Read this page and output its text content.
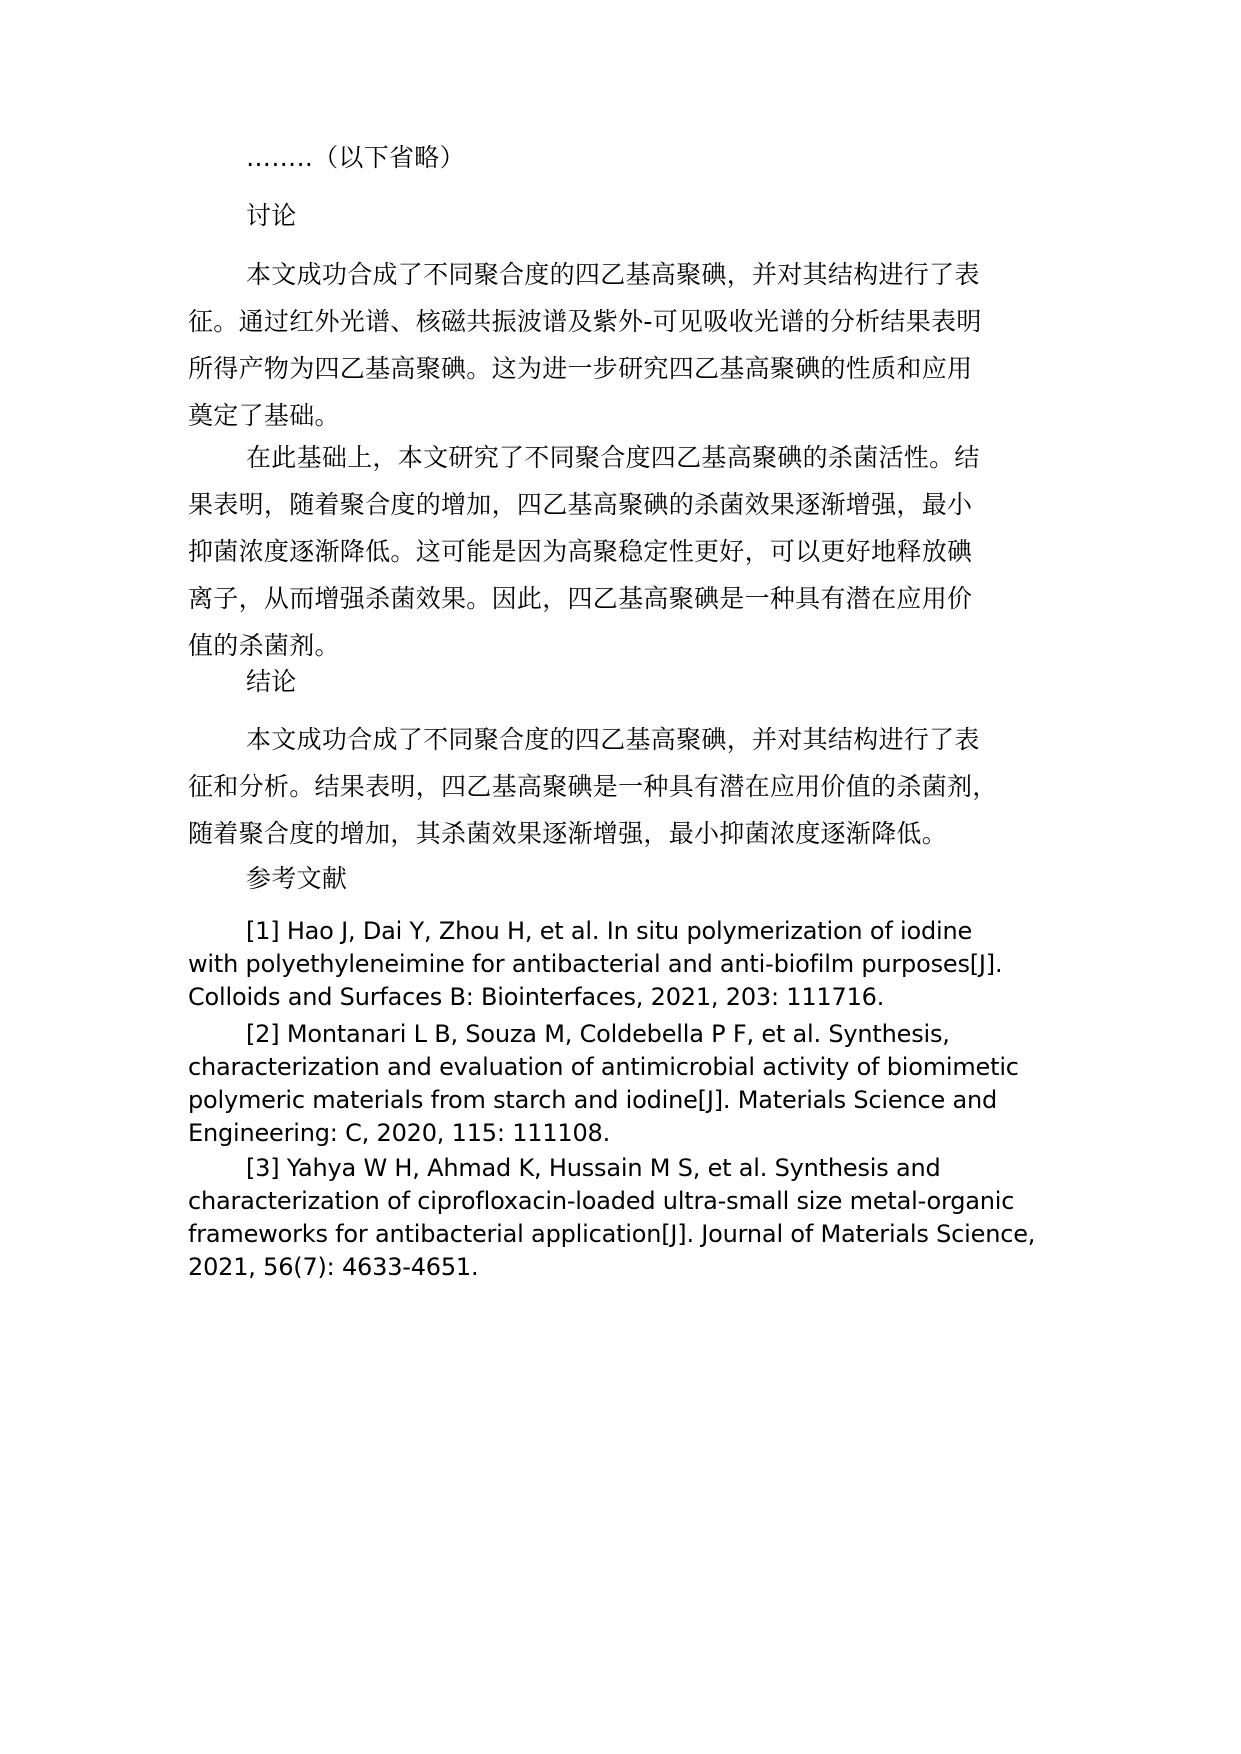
……..（以下省略）

讨论

本文成功合成了不同聚合度的四乙基高聚碘，并对其结构进行了表
征。通过红外光谱、核磁共振波谱及紫外-可见吸收光谱的分析结果表明
所得产物为四乙基高聚碘。这为进一步研究四乙基高聚碘的性质和应用
奠定了基础。
在此基础上，本文研究了不同聚合度四乙基高聚碘的杀菌活性。结
果表明，随着聚合度的增加，四乙基高聚碘的杀菌效果逐渐增强，最小
抑菌浓度逐渐降低。这可能是因为高聚稳定性更好，可以更好地释放碘
离子，从而增强杀菌效果。因此，四乙基高聚碘是一种具有潜在应用价
值的杀菌剂。

结论

本文成功合成了不同聚合度的四乙基高聚碘，并对其结构进行了表
征和分析。结果表明，四乙基高聚碘是一种具有潜在应用价值的杀菌剂，
随着聚合度的增加，其杀菌效果逐渐增强，最小抑菌浓度逐渐降低。

参考文献

[1] Hao J, Dai Y, Zhou H, et al. In situ polymerization of iodine
with polyethyleneimine for antibacterial and anti-biofilm purposes[J].
Colloids and Surfaces B: Biointerfaces, 2021, 203: 111716.
[2] Montanari L B, Souza M, Coldebella P F, et al. Synthesis,
characterization and evaluation of antimicrobial activity of biomimetic
polymeric materials from starch and iodine[J]. Materials Science and
Engineering: C, 2020, 115: 111108.
[3] Yahya W H, Ahmad K, Hussain M S, et al. Synthesis and
characterization of ciprofloxacin-loaded ultra-small size metal-organic
frameworks for antibacterial application[J]. Journal of Materials Science,
2021, 56(7): 4633-4651.
